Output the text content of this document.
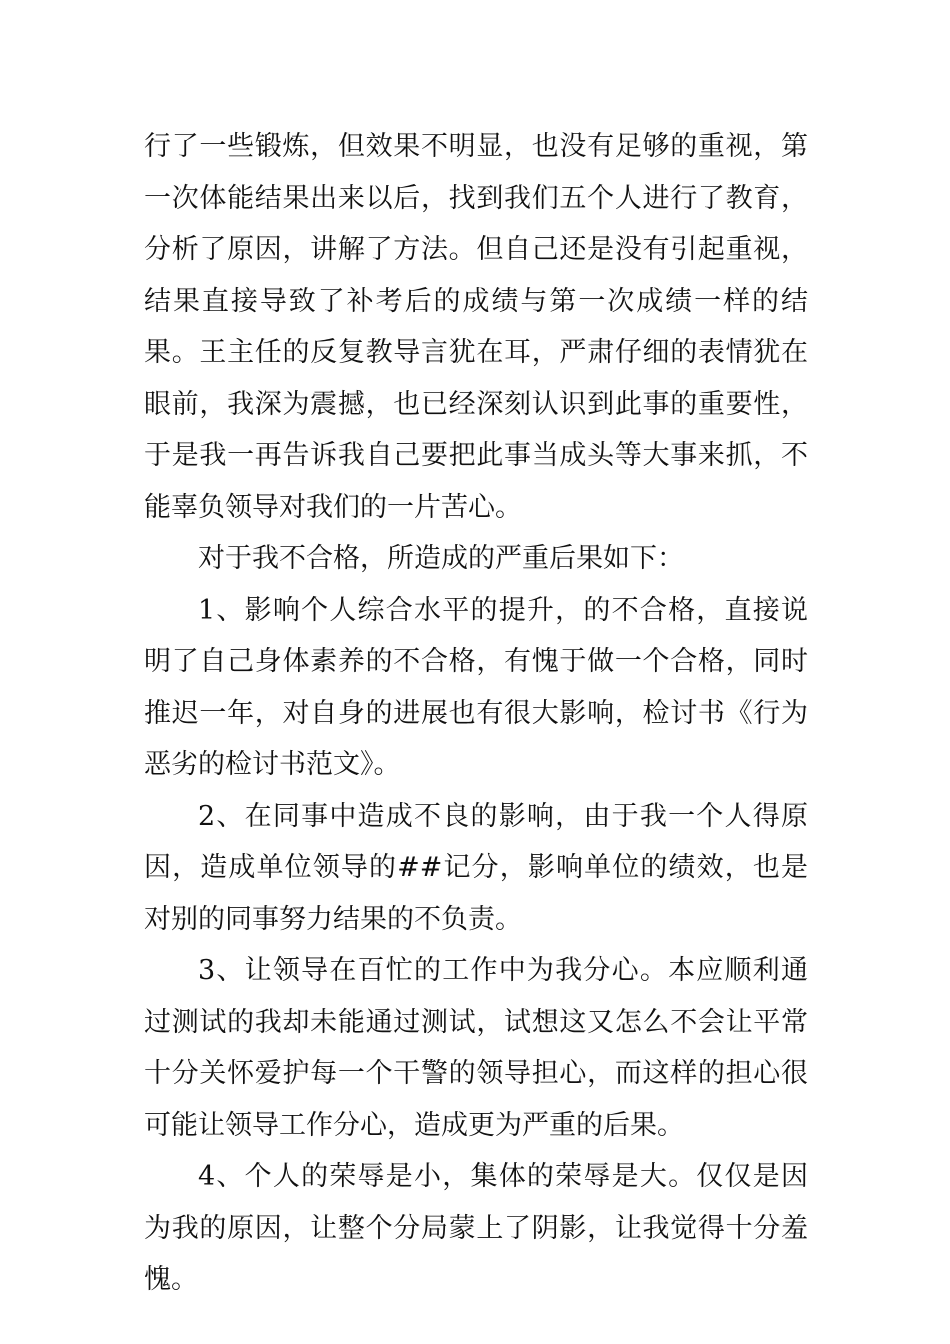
行了一些锻炼，但效果不明显，也没有足够的重视，第一次体能结果出来以后，找到我们五个人进行了教育，分析了原因，讲解了方法。但自己还是没有引起重视，结果直接导致了补考后的成绩与第一次成绩一样的结果。王主任的反复教导言犹在耳，严肃仔细的表情犹在眼前，我深为震撼，也已经深刻认识到此事的重要性，于是我一再告诉我自己要把此事当成头等大事来抓，不能辜负领导对我们的一片苦心。

对于我不合格，所造成的严重后果如下：

1、影响个人综合水平的提升，的不合格，直接说明了自己身体素养的不合格，有愧于做一个合格，同时推迟一年，对自身的进展也有很大影响，检讨书《行为恶劣的检讨书范文》。

2、在同事中造成不良的影响，由于我一个人得原因，造成单位领导的##记分，影响单位的绩效，也是对别的同事努力结果的不负责。

3、让领导在百忙的工作中为我分心。本应顺利通过测试的我却未能通过测试，试想这又怎么不会让平常十分关怀爱护每一个干警的领导担心，而这样的担心很可能让领导工作分心，造成更为严重的后果。

4、个人的荣辱是小，集体的荣辱是大。仅仅是因为我的原因，让整个分局蒙上了阴影，让我觉得十分羞愧。
